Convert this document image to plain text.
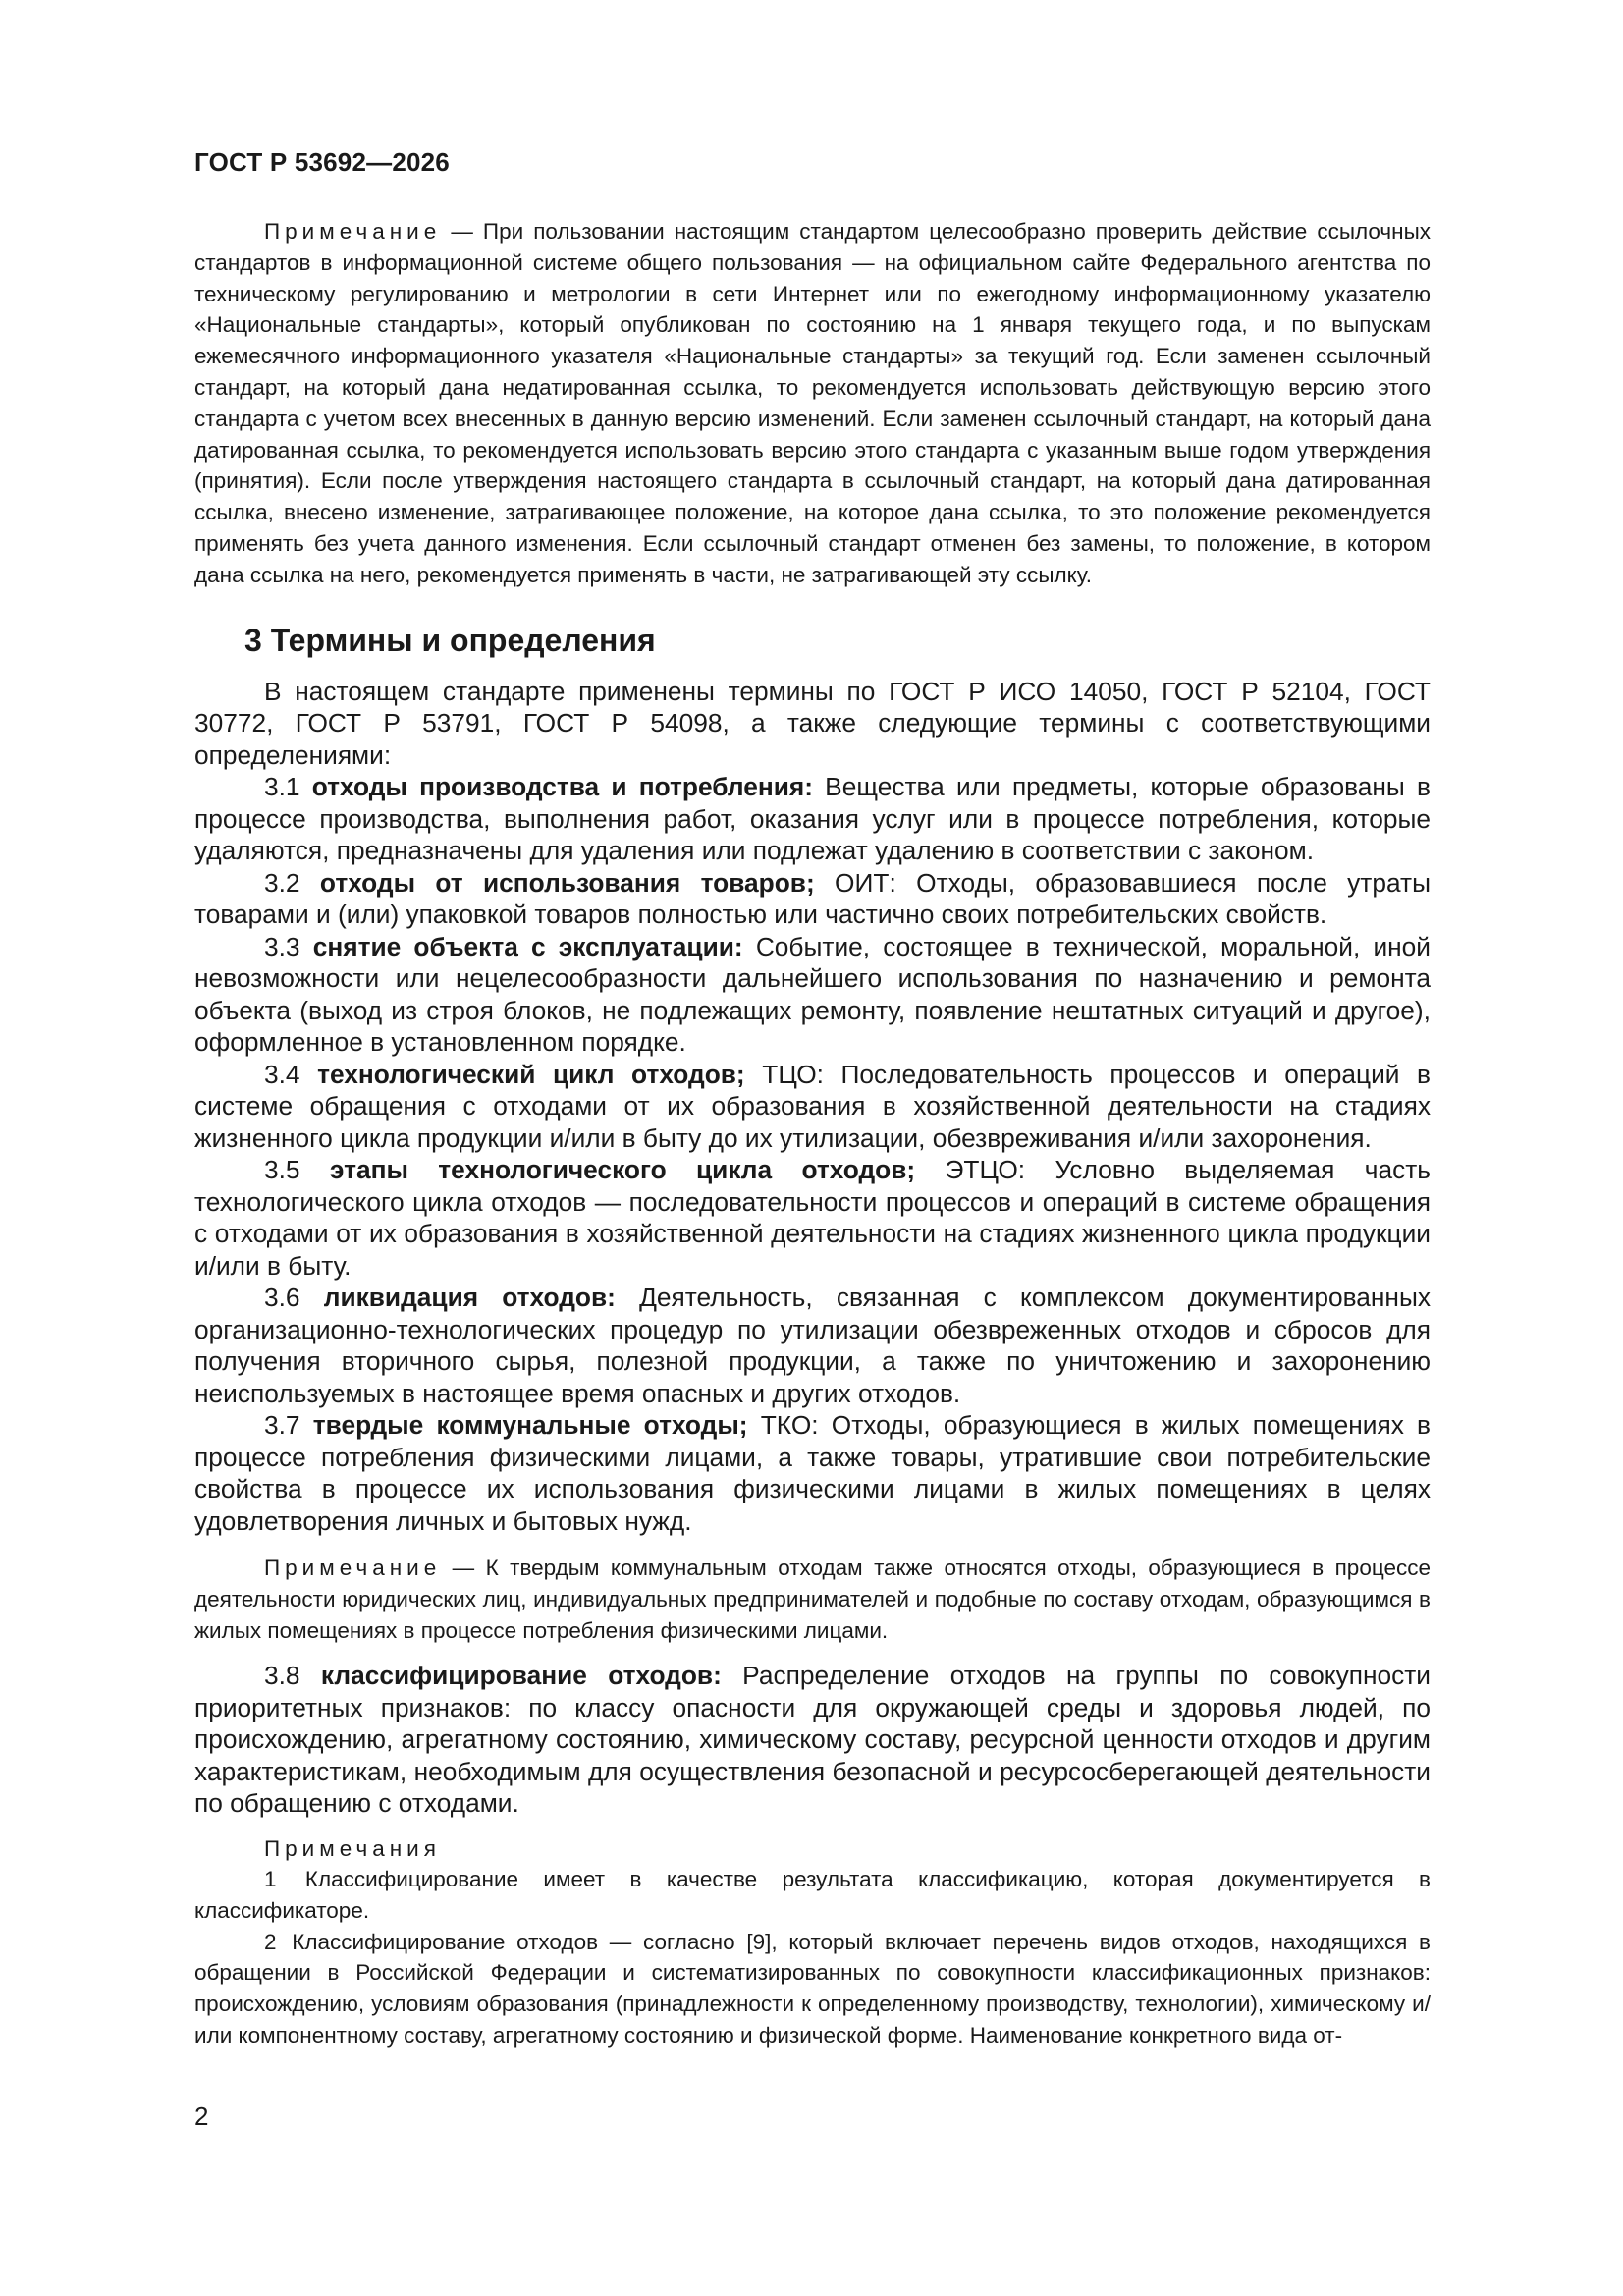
ГОСТ Р 53692—2026

Примечание — При пользовании настоящим стандартом целесообразно проверить действие ссылочных стандартов в информационной системе общего пользования — на официальном сайте Федерального агентства по техническому регулированию и метрологии в сети Интернет или по ежегодному информационному указателю «Национальные стандарты», который опубликован по состоянию на 1 января текущего года, и по выпускам ежемесячного информационного указателя «Национальные стандарты» за текущий год. Если заменен ссылочный стандарт, на который дана недатированная ссылка, то рекомендуется использовать действующую версию этого стандарта с учетом всех внесенных в данную версию изменений. Если заменен ссылочный стандарт, на который дана датированная ссылка, то рекомендуется использовать версию этого стандарта с указанным выше годом утверждения (принятия). Если после утверждения настоящего стандарта в ссылочный стандарт, на который дана датированная ссылка, внесено изменение, затрагивающее положение, на которое дана ссылка, то это положение рекомендуется применять без учета данного изменения. Если ссылочный стандарт отменен без замены, то положение, в котором дана ссылка на него, рекомендуется применять в части, не затрагивающей эту ссылку.

3 Термины и определения

В настоящем стандарте применены термины по ГОСТ Р ИСО 14050, ГОСТ Р 52104, ГОСТ 30772, ГОСТ Р 53791, ГОСТ Р 54098, а также следующие термины с соответствующими определениями:

3.1 отходы производства и потребления: Вещества или предметы, которые образованы в процессе производства, выполнения работ, оказания услуг или в процессе потребления, которые удаляются, предназначены для удаления или подлежат удалению в соответствии с законом.

3.2 отходы от использования товаров; ОИТ: Отходы, образовавшиеся после утраты товарами и (или) упаковкой товаров полностью или частично своих потребительских свойств.

3.3 снятие объекта с эксплуатации: Событие, состоящее в технической, моральной, иной невозможности или нецелесообразности дальнейшего использования по назначению и ремонта объекта (выход из строя блоков, не подлежащих ремонту, появление нештатных ситуаций и другое), оформленное в установленном порядке.

3.4 технологический цикл отходов; ТЦО: Последовательность процессов и операций в системе обращения с отходами от их образования в хозяйственной деятельности на стадиях жизненного цикла продукции и/или в быту до их утилизации, обезвреживания и/или захоронения.

3.5 этапы технологического цикла отходов; ЭТЦО: Условно выделяемая часть технологического цикла отходов — последовательности процессов и операций в системе обращения с отходами от их образования в хозяйственной деятельности на стадиях жизненного цикла продукции и/или в быту.

3.6 ликвидация отходов: Деятельность, связанная с комплексом документированных организационно-технологических процедур по утилизации обезвреженных отходов и сбросов для получения вторичного сырья, полезной продукции, а также по уничтожению и захоронению неиспользуемых в настоящее время опасных и других отходов.

3.7 твердые коммунальные отходы; ТКО: Отходы, образующиеся в жилых помещениях в процессе потребления физическими лицами, а также товары, утратившие свои потребительские свойства в процессе их использования физическими лицами в жилых помещениях в целях удовлетворения личных и бытовых нужд.

Примечание — К твердым коммунальным отходам также относятся отходы, образующиеся в процессе деятельности юридических лиц, индивидуальных предпринимателей и подобные по составу отходам, образующимся в жилых помещениях в процессе потребления физическими лицами.

3.8 классифицирование отходов: Распределение отходов на группы по совокупности приоритетных признаков: по классу опасности для окружающей среды и здоровья людей, по происхождению, агрегатному состоянию, химическому составу, ресурсной ценности отходов и другим характеристикам, необходимым для осуществления безопасной и ресурсосберегающей деятельности по обращению с отходами.

Примечания

1 Классифицирование имеет в качестве результата классификацию, которая документируется в классификаторе.

2 Классифицирование отходов — согласно [9], который включает перечень видов отходов, находящихся в обращении в Российской Федерации и систематизированных по совокупности классификационных признаков: происхождению, условиям образования (принадлежности к определенному производству, технологии), химическому и/или компонентному составу, агрегатному состоянию и физической форме. Наименование конкретного вида от-

2
